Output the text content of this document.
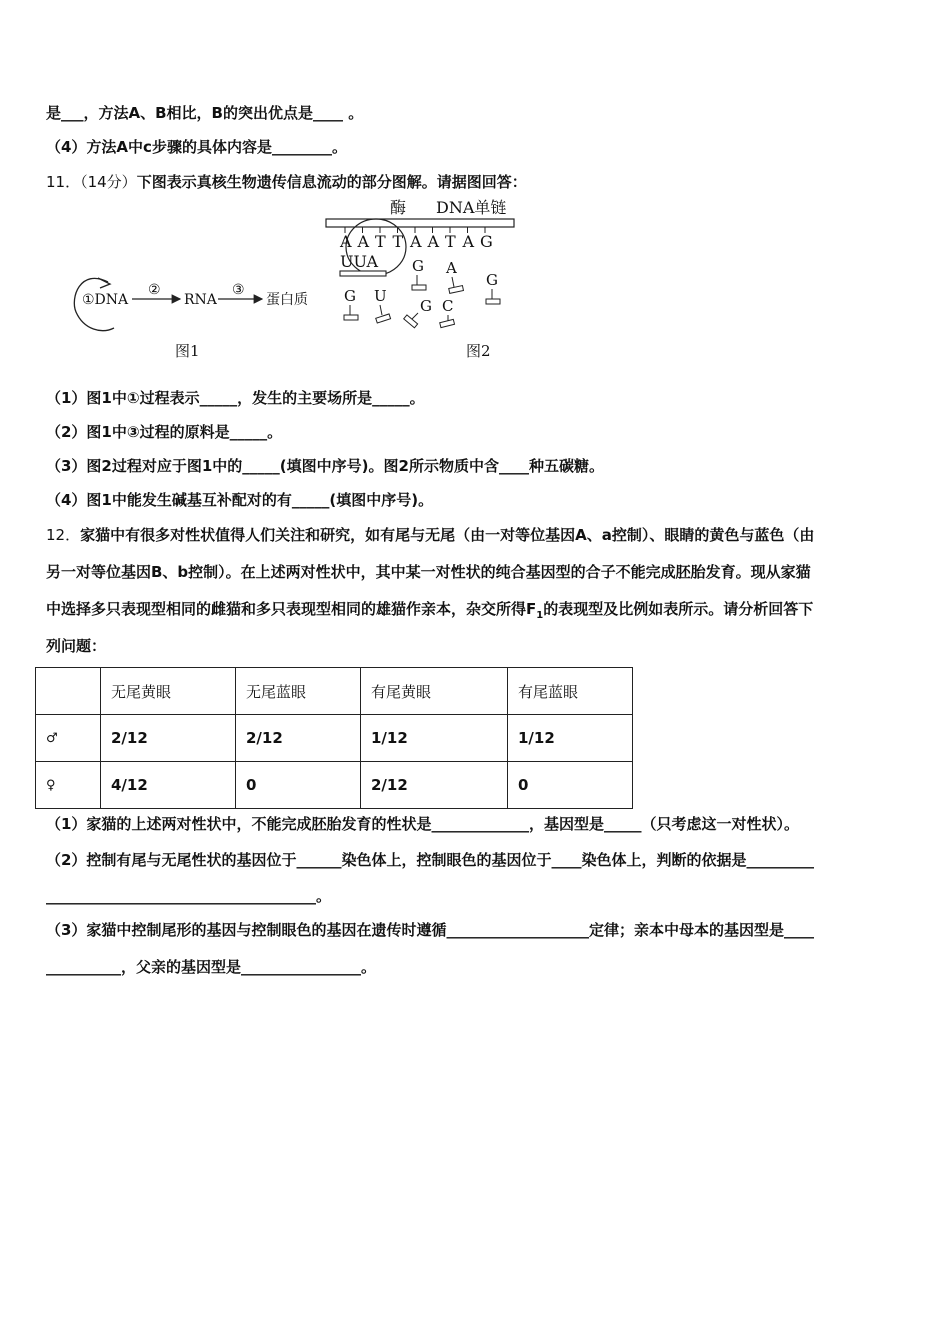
是___，方法A、B相比，B的突出优点是____ 。
（4）方法A中c步骤的具体内容是________。
11．（14分）下图表示真核生物遗传信息流动的部分图解。请据图回答：
①DNA
②
RNA
③
蛋白质
图1
酶 DNA单链
A A T T A A T A G
UUA G A
G
G U
G C
图2
（1）图1中①过程表示_____，发生的主要场所是_____。
（2）图1中③过程的原料是_____。
（3）图2过程对应于图1中的_____(填图中序号)。图2所示物质中含____种五碳糖。
（4）图1中能发生碱基互补配对的有_____(填图中序号)。
12．家猫中有很多对性状值得人们关注和研究，如有尾与无尾（由一对等位基因A、a控制）、眼睛的黄色与蓝色（由
另一对等位基因B、b控制）。在上述两对性状中，其中某一对性状的纯合基因型的合子不能完成胚胎发育。现从家猫
中选择多只表现型相同的雌猫和多只表现型相同的雄猫作亲本，杂交所得$F_1$的表现型及比例如表所示。请分析回答下
列问题：
	无尾黄眼	无尾蓝眼	有尾黄眼	有尾蓝眼
♂	2/12	2/12	1/12	1/12
♀	4/12	0	2/12	0
（1）家猫的上述两对性状中，不能完成胚胎发育的性状是_____________，基因型是_____（只考虑这一对性状）。
（2）控制有尾与无尾性状的基因位于______染色体上，控制眼色的基因位于____染色体上，判断的依据是_________
____________________________________。
（3）家猫中控制尾形的基因与控制眼色的基因在遗传时遵循___________________定律；亲本中母本的基因型是____
__________，父亲的基因型是________________。
